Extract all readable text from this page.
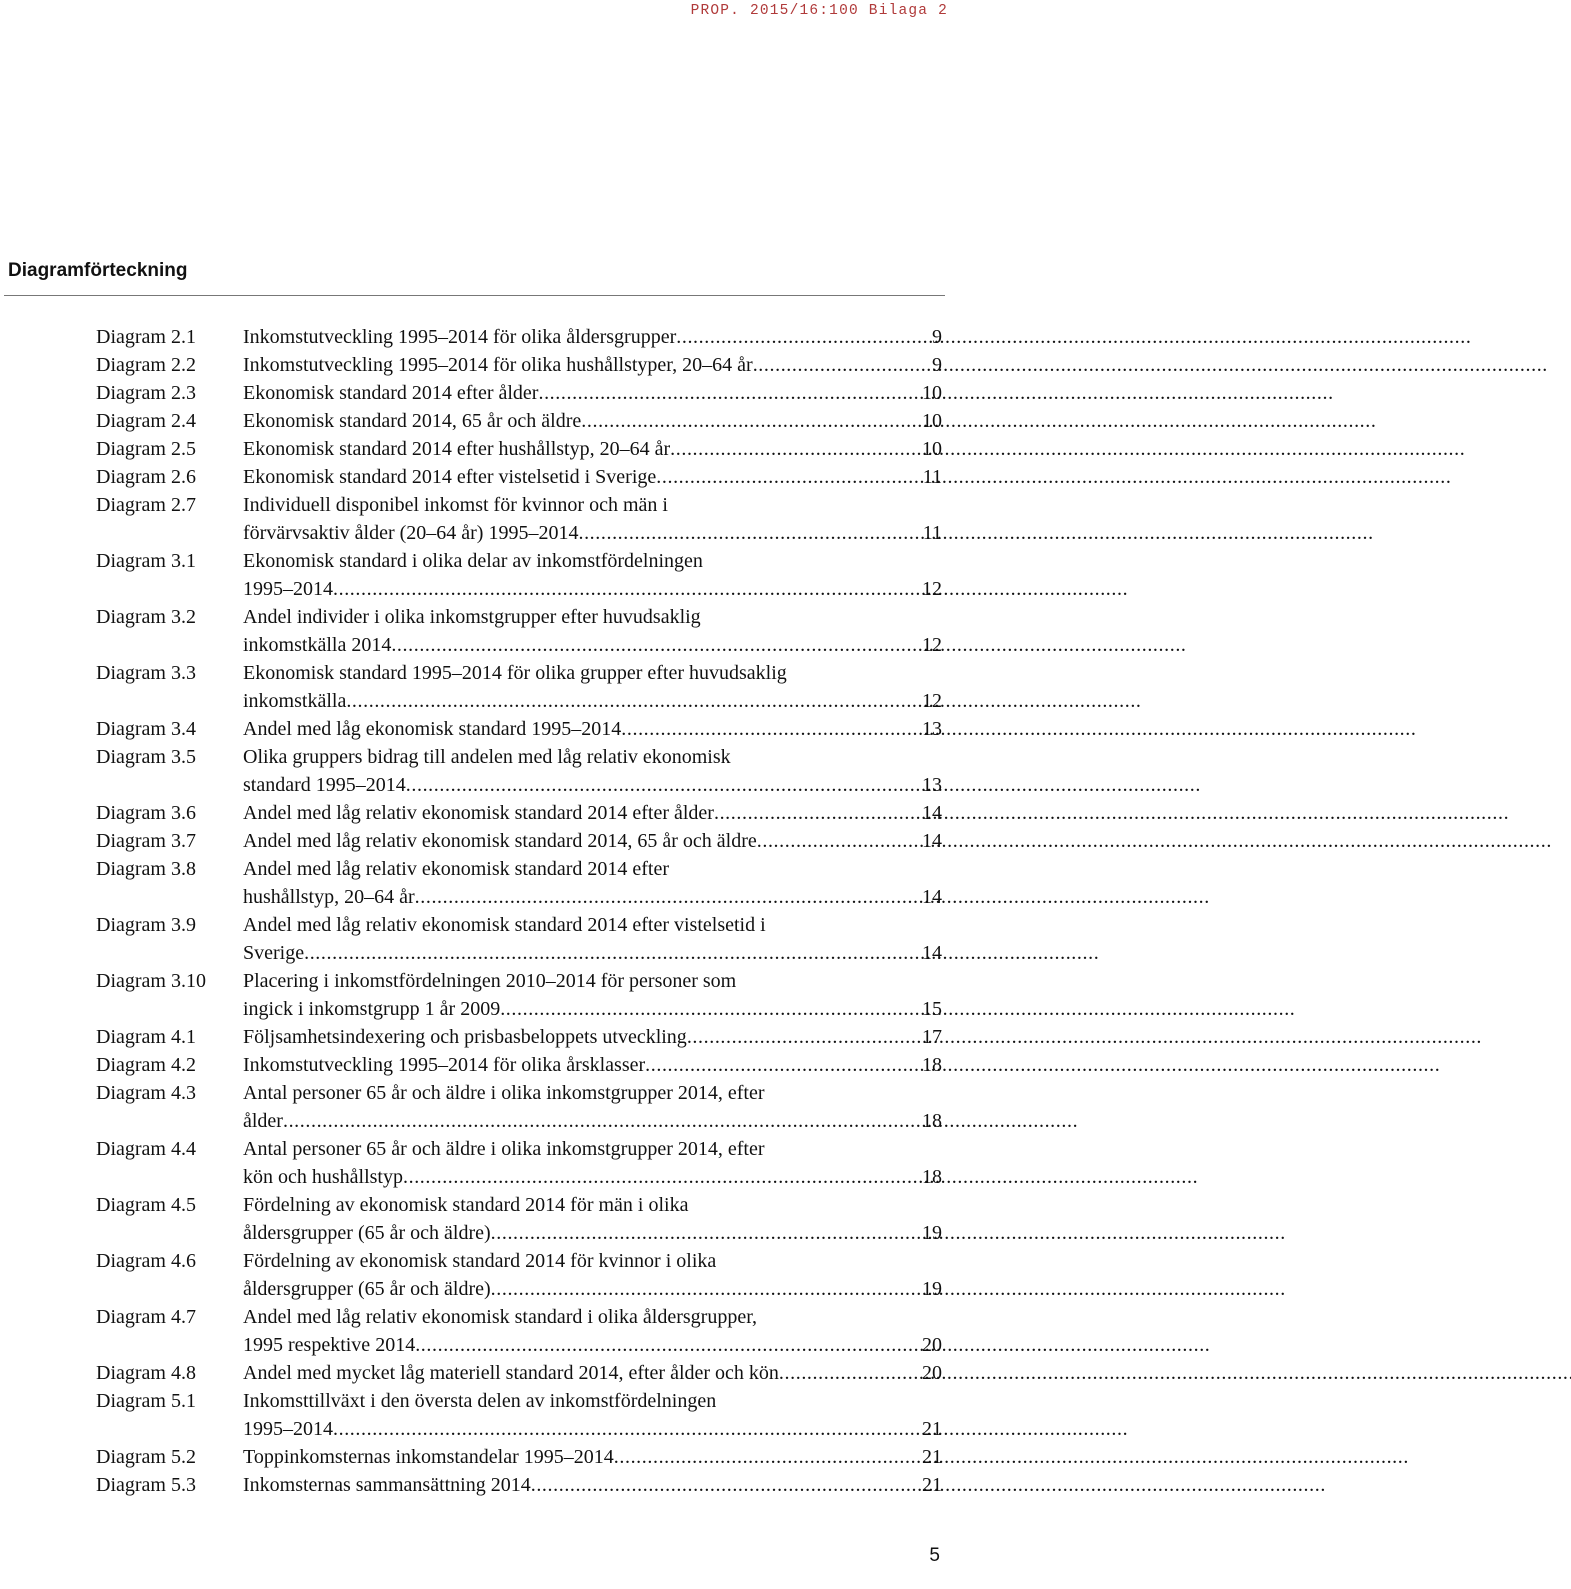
PROP. 2015/16:100 Bilaga 2
Diagramförteckning
Diagram 2.1	Inkomstutveckling 1995–2014 för olika åldersgrupper . . .	9
Diagram 2.2	Inkomstutveckling 1995–2014 för olika hushållstyper, 20–64 år . . .	9
Diagram 2.3	Ekonomisk standard 2014 efter ålder . . .	10
Diagram 2.4	Ekonomisk standard 2014, 65 år och äldre . . .	10
Diagram 2.5	Ekonomisk standard 2014 efter hushållstyp, 20–64 år . . .	10
Diagram 2.6	Ekonomisk standard 2014 efter vistelsetid i Sverige . . .	11
Diagram 2.7	Individuell disponibel inkomst för kvinnor och män i
förvärvsaktiv ålder (20–64 år) 1995–2014 . . .	11
Diagram 3.1	Ekonomisk standard i olika delar av inkomstfördelningen
1995–2014 . . .	12
Diagram 3.2	Andel individer i olika inkomstgrupper efter huvudsaklig
inkomstkälla 2014 . . .	12
Diagram 3.3	Ekonomisk standard 1995–2014 för olika grupper efter huvudsaklig
inkomstkälla . . .	12
Diagram 3.4	Andel med låg ekonomisk standard 1995–2014 . . .	13
Diagram 3.5	Olika gruppers bidrag till andelen med låg relativ ekonomisk
standard 1995–2014 . . .	13
Diagram 3.6	Andel med låg relativ ekonomisk standard 2014 efter ålder . . .	14
Diagram 3.7	Andel med låg relativ ekonomisk standard 2014, 65 år och äldre . . .	14
Diagram 3.8	Andel med låg relativ ekonomisk standard 2014 efter
hushållstyp, 20–64 år . . .	14
Diagram 3.9	Andel med låg relativ ekonomisk standard 2014 efter vistelsetid i
Sverige . . .	14
Diagram 3.10	Placering i inkomstfördelningen 2010–2014 för personer som
ingick i inkomstgrupp 1 år 2009 . . .	15
Diagram 4.1	Följsamhetsindexering och prisbasbeloppets utveckling . . .	17
Diagram 4.2	Inkomstutveckling 1995–2014 för olika årsklasser . . .	18
Diagram 4.3	Antal personer 65 år och äldre i olika inkomstgrupper 2014, efter
ålder . . .	18
Diagram 4.4	Antal personer 65 år och äldre i olika inkomstgrupper 2014, efter
kön och hushållstyp . . .	18
Diagram 4.5	Fördelning av ekonomisk standard 2014 för män i olika
åldersgrupper (65 år och äldre) . . .	19
Diagram 4.6	Fördelning av ekonomisk standard 2014 för kvinnor i olika
åldersgrupper (65 år och äldre) . . .	19
Diagram 4.7	Andel med låg relativ ekonomisk standard i olika åldersgrupper,
1995 respektive 2014 . . .	20
Diagram 4.8	Andel med mycket låg materiell standard 2014, efter ålder och kön . . .	20
Diagram 5.1	Inkomsttillväxt i den översta delen av inkomstfördelningen
1995–2014 . . .	21
Diagram 5.2	Toppinkomsternas inkomstandelar 1995–2014 . . .	21
Diagram 5.3	Inkomsternas sammansättning 2014 . . .	21
5
